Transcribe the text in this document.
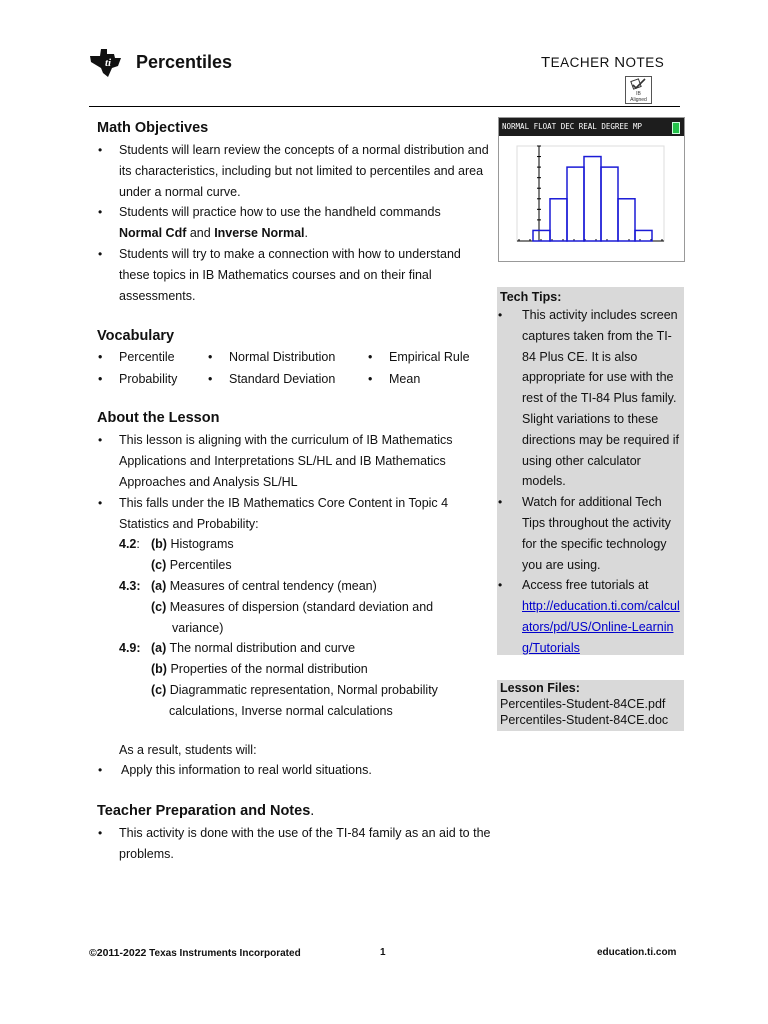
ti Percentiles	TEACHER NOTES
IB
Aligned
Math Objectives
• Students will learn review the concepts of a normal distribution and its characteristics, including but not limited to percentiles and area under a normal curve.
• Students will practice how to use the handheld commands
Normal Cdf and Inverse Normal.
• Students will try to make a connection with how to understand these topics in IB Mathematics courses and on their final assessments.
Vocabulary
• Percentile	• Normal Distribution	• Empirical Rule
• Probability	• Standard Deviation	• Mean
About the Lesson
• This lesson is aligning with the curriculum of IB Mathematics Applications and Interpretations SL/HL and IB Mathematics Approaches and Analysis SL/HL
• This falls under the IB Mathematics Core Content in Topic 4 Statistics and Probability:
4.2: (b) Histograms
(c) Percentiles
4.3: (a) Measures of central tendency (mean)
(c) Measures of dispersion (standard deviation and
variance)
4.9: (a) The normal distribution and curve
(b) Properties of the normal distribution
(c) Diagrammatic representation, Normal probability
calculations, Inverse normal calculations
As a result, students will:
• Apply this information to real world situations.
Teacher Preparation and Notes.
• This activity is done with the use of the TI-84 family as an aid to the problems.
NORMAL FLOAT DEC REAL DEGREE MP
Tech Tips:
• This activity includes screen captures taken from the TI-84 Plus CE. It is also appropriate for use with the rest of the TI-84 Plus family. Slight variations to these directions may be required if using other calculator models.
• Watch for additional Tech Tips throughout the activity for the specific technology you are using.
• Access free tutorials at
http://education.ti.com/calculators/pd/US/Online-Learning/Tutorials
Lesson Files:
Percentiles-Student-84CE.pdf
Percentiles-Student-84CE.doc
©2011-2022 Texas Instruments Incorporated	1	education.ti.com
